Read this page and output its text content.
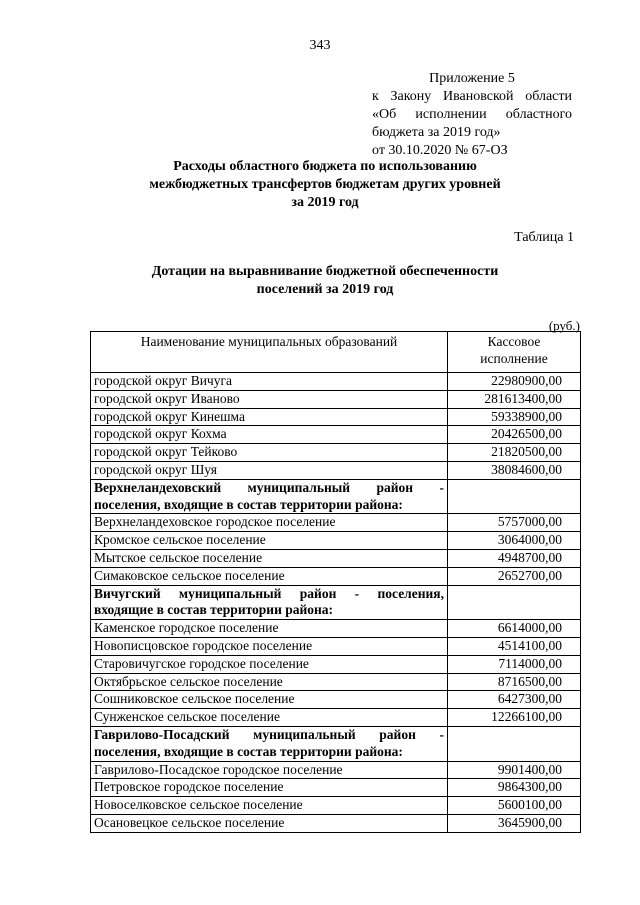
343
Приложение 5
к Закону Ивановской области
«Об исполнении областного
бюджета за 2019 год»
от 30.10.2020 № 67-ОЗ
Расходы областного бюджета по использованию
межбюджетных трансфертов бюджетам других уровней
за 2019 год
Таблица 1
Дотации на выравнивание бюджетной обеспеченности
поселений за 2019 год
(руб.)
Наименование муниципальных образований	Кассовое исполнение
городской округ Вичуга	22980900,00
городской округ Иваново	281613400,00
городской округ Кинешма	59338900,00
городской округ Кохма	20426500,00
городской округ Тейково	21820500,00
городской округ Шуя	38084600,00
Верхнеландеховский муниципальный район - поселения, входящие в состав территории района:	
Верхнеландеховское городское поселение	5757000,00
Кромское сельское поселение	3064000,00
Мытское сельское поселение	4948700,00
Симаковское сельское поселение	2652700,00
Вичугский муниципальный район - поселения, входящие в состав территории района:	
Каменское городское поселение	6614000,00
Новописцовское городское поселение	4514100,00
Старовичугское городское поселение	7114000,00
Октябрьское сельское поселение	8716500,00
Сошниковское сельское поселение	6427300,00
Сунженское сельское поселение	12266100,00
Гаврилово-Посадский муниципальный район - поселения, входящие в состав территории района:	
Гаврилово-Посадское городское поселение	9901400,00
Петровское городское поселение	9864300,00
Новоселковское сельское поселение	5600100,00
Осановецкое сельское поселение	3645900,00
